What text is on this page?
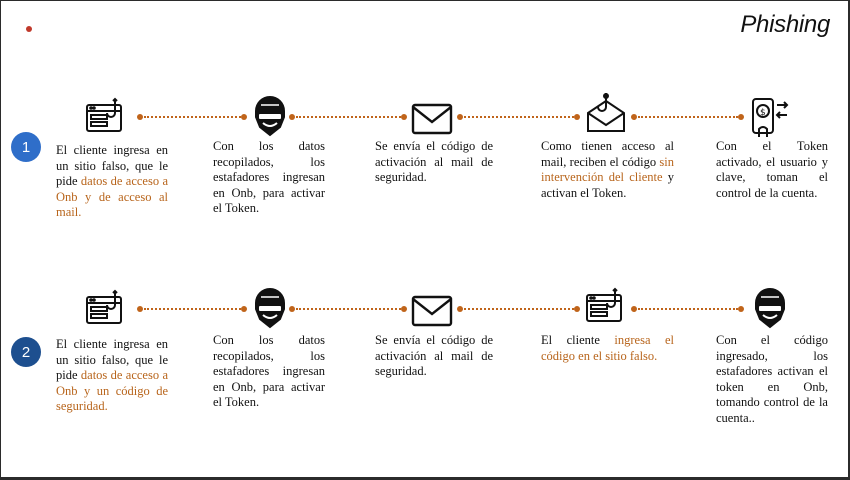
Phishing
1
$
El cliente ingresa en un sitio falso, que le pide datos de acceso a Onb y de acceso al mail.
Con los datos recopilados, los estafadores ingresan en Onb, para activar el Token.
Se envía el código de activación al mail de seguridad.
Como tienen acceso al mail, reciben el código sin intervención del cliente y activan el Token.
Con el Token activado, el usuario y clave, toman el control de la cuenta.
2	El cliente ingresa en un sitio falso, que le pide datos de acceso a Onb y un código de seguridad.
Con los datos recopilados, los estafadores ingresan en Onb, para activar el Token.
Se envía el código de activación al mail de seguridad.
El cliente ingresa el código en el sitio falso.
Con el código ingresado, los estafadores activan el token en Onb, tomando control de la cuenta..
